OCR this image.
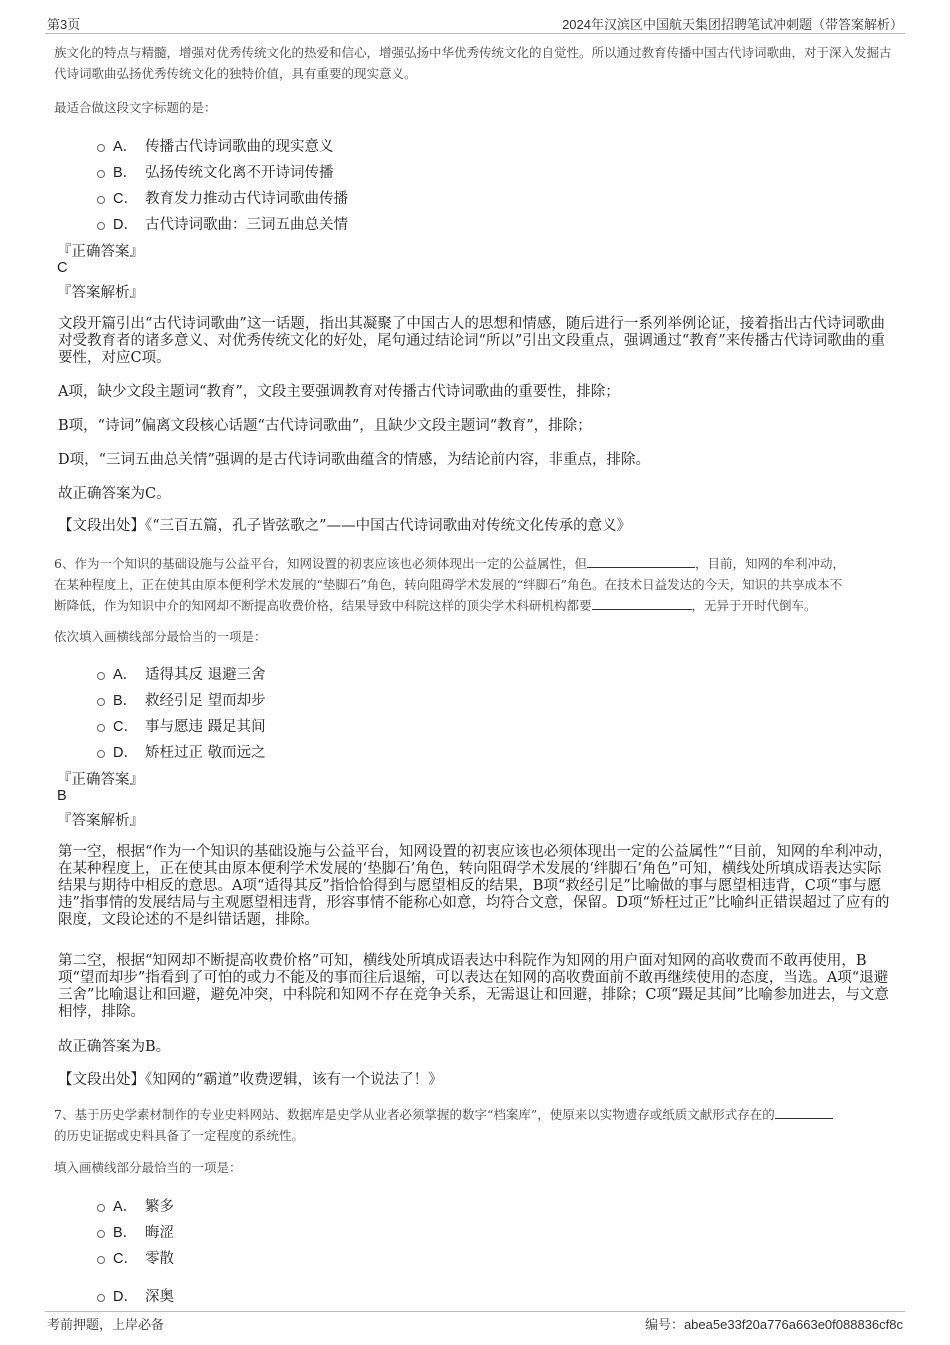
第3页	2024年汉滨区中国航天集团招聘笔试冲刺题（带答案解析）
族文化的特点与精髓，增强对优秀传统文化的热爱和信心，增强弘扬中华优秀传统文化的自觉性。所以通过教育传播中国古代诗词歌曲，对于深入发掘古代诗词歌曲弘扬优秀传统文化的独特价值，具有重要的现实意义。
最适合做这段文字标题的是：
A． 传播古代诗词歌曲的现实意义
B． 弘扬传统文化离不开诗词传播
C． 教育发力推动古代诗词歌曲传播
D． 古代诗词歌曲：三词五曲总关情
『正确答案』
C
『答案解析』
文段开篇引出“古代诗词歌曲”这一话题，指出其凝聚了中国古人的思想和情感，随后进行一系列举例论证，接着指出古代诗词歌曲对受教育者的诸多意义、对优秀传统文化的好处，尾句通过结论词“所以”引出文段重点，强调通过“教育”来传播古代诗词歌曲的重要性，对应C项。
A项，缺少文段主题词“教育”，文段主要强调教育对传播古代诗词歌曲的重要性，排除；
B项，“诗词”偏离文段核心话题“古代诗词歌曲”，且缺少文段主题词“教育”，排除；
D项，“三词五曲总关情”强调的是古代诗词歌曲蕴含的情感，为结论前内容，非重点，排除。
故正确答案为C。
【文段出处】《“三百五篇，孔子皆弦歌之”——中国古代诗词歌曲对传统文化传承的意义》
6、作为一个知识的基础设施与公益平台，知网设置的初衷应该也必须体现出一定的公益属性，但	，目前，知网的牟利冲动，
在某种程度上，正在使其由原本便利学术发展的“垫脚石”角色，转向阻碍学术发展的“绊脚石”角色。在技术日益发达的今天，知识的共享成本不
断降低，作为知识中介的知网却不断提高收费价格，结果导致中科院这样的顶尖学术科研机构都要	，无异于开时代倒车。
依次填入画横线部分最恰当的一项是：
A． 适得其反 退避三舍
B． 救经引足 望而却步
C． 事与愿违 蹑足其间
D． 矫枉过正 敬而远之
『正确答案』
B
『答案解析』
第一空，根据“作为一个知识的基础设施与公益平台，知网设置的初衷应该也必须体现出一定的公益属性”“目前，知网的牟利冲动，在某种程度上，正在使其由原本便利学术发展的‘垫脚石’角色，转向阻碍学术发展的‘绊脚石’角色”可知，横线处所填成语表达实际结果与期待中相反的意思。A项“适得其反”指恰恰得到与愿望相反的结果，B项“救经引足”比喻做的事与愿望相违背，C项“事与愿违”指事情的发展结局与主观愿望相违背，形容事情不能称心如意，均符合文意，保留。D项“矫枉过正”比喻纠正错误超过了应有的限度，文段论述的不是纠错话题，排除。
第二空，根据“知网却不断提高收费价格”可知，横线处所填成语表达中科院作为知网的用户面对知网的高收费而不敢再使用，B项“望而却步”指看到了可怕的或力不能及的事而往后退缩，可以表达在知网的高收费面前不敢再继续使用的态度，当选。A项“退避三舍”比喻退让和回避，避免冲突，中科院和知网不存在竞争关系，无需退让和回避，排除；C项“蹑足其间”比喻参加进去，与文意相悖，排除。
故正确答案为B。
【文段出处】《知网的“霸道”收费逻辑，该有一个说法了！》
7、基于历史学素材制作的专业史料网站、数据库是史学从业者必须掌握的数字“档案库”，使原来以实物遗存或纸质文献形式存在的
的历史证据或史料具备了一定程度的系统性。
填入画横线部分最恰当的一项是：
A． 繁多
B． 晦涩
C． 零散
D． 深奥
考前押题，上岸必备	编号：abea5e33f20a776a663e0f088836cf8c
